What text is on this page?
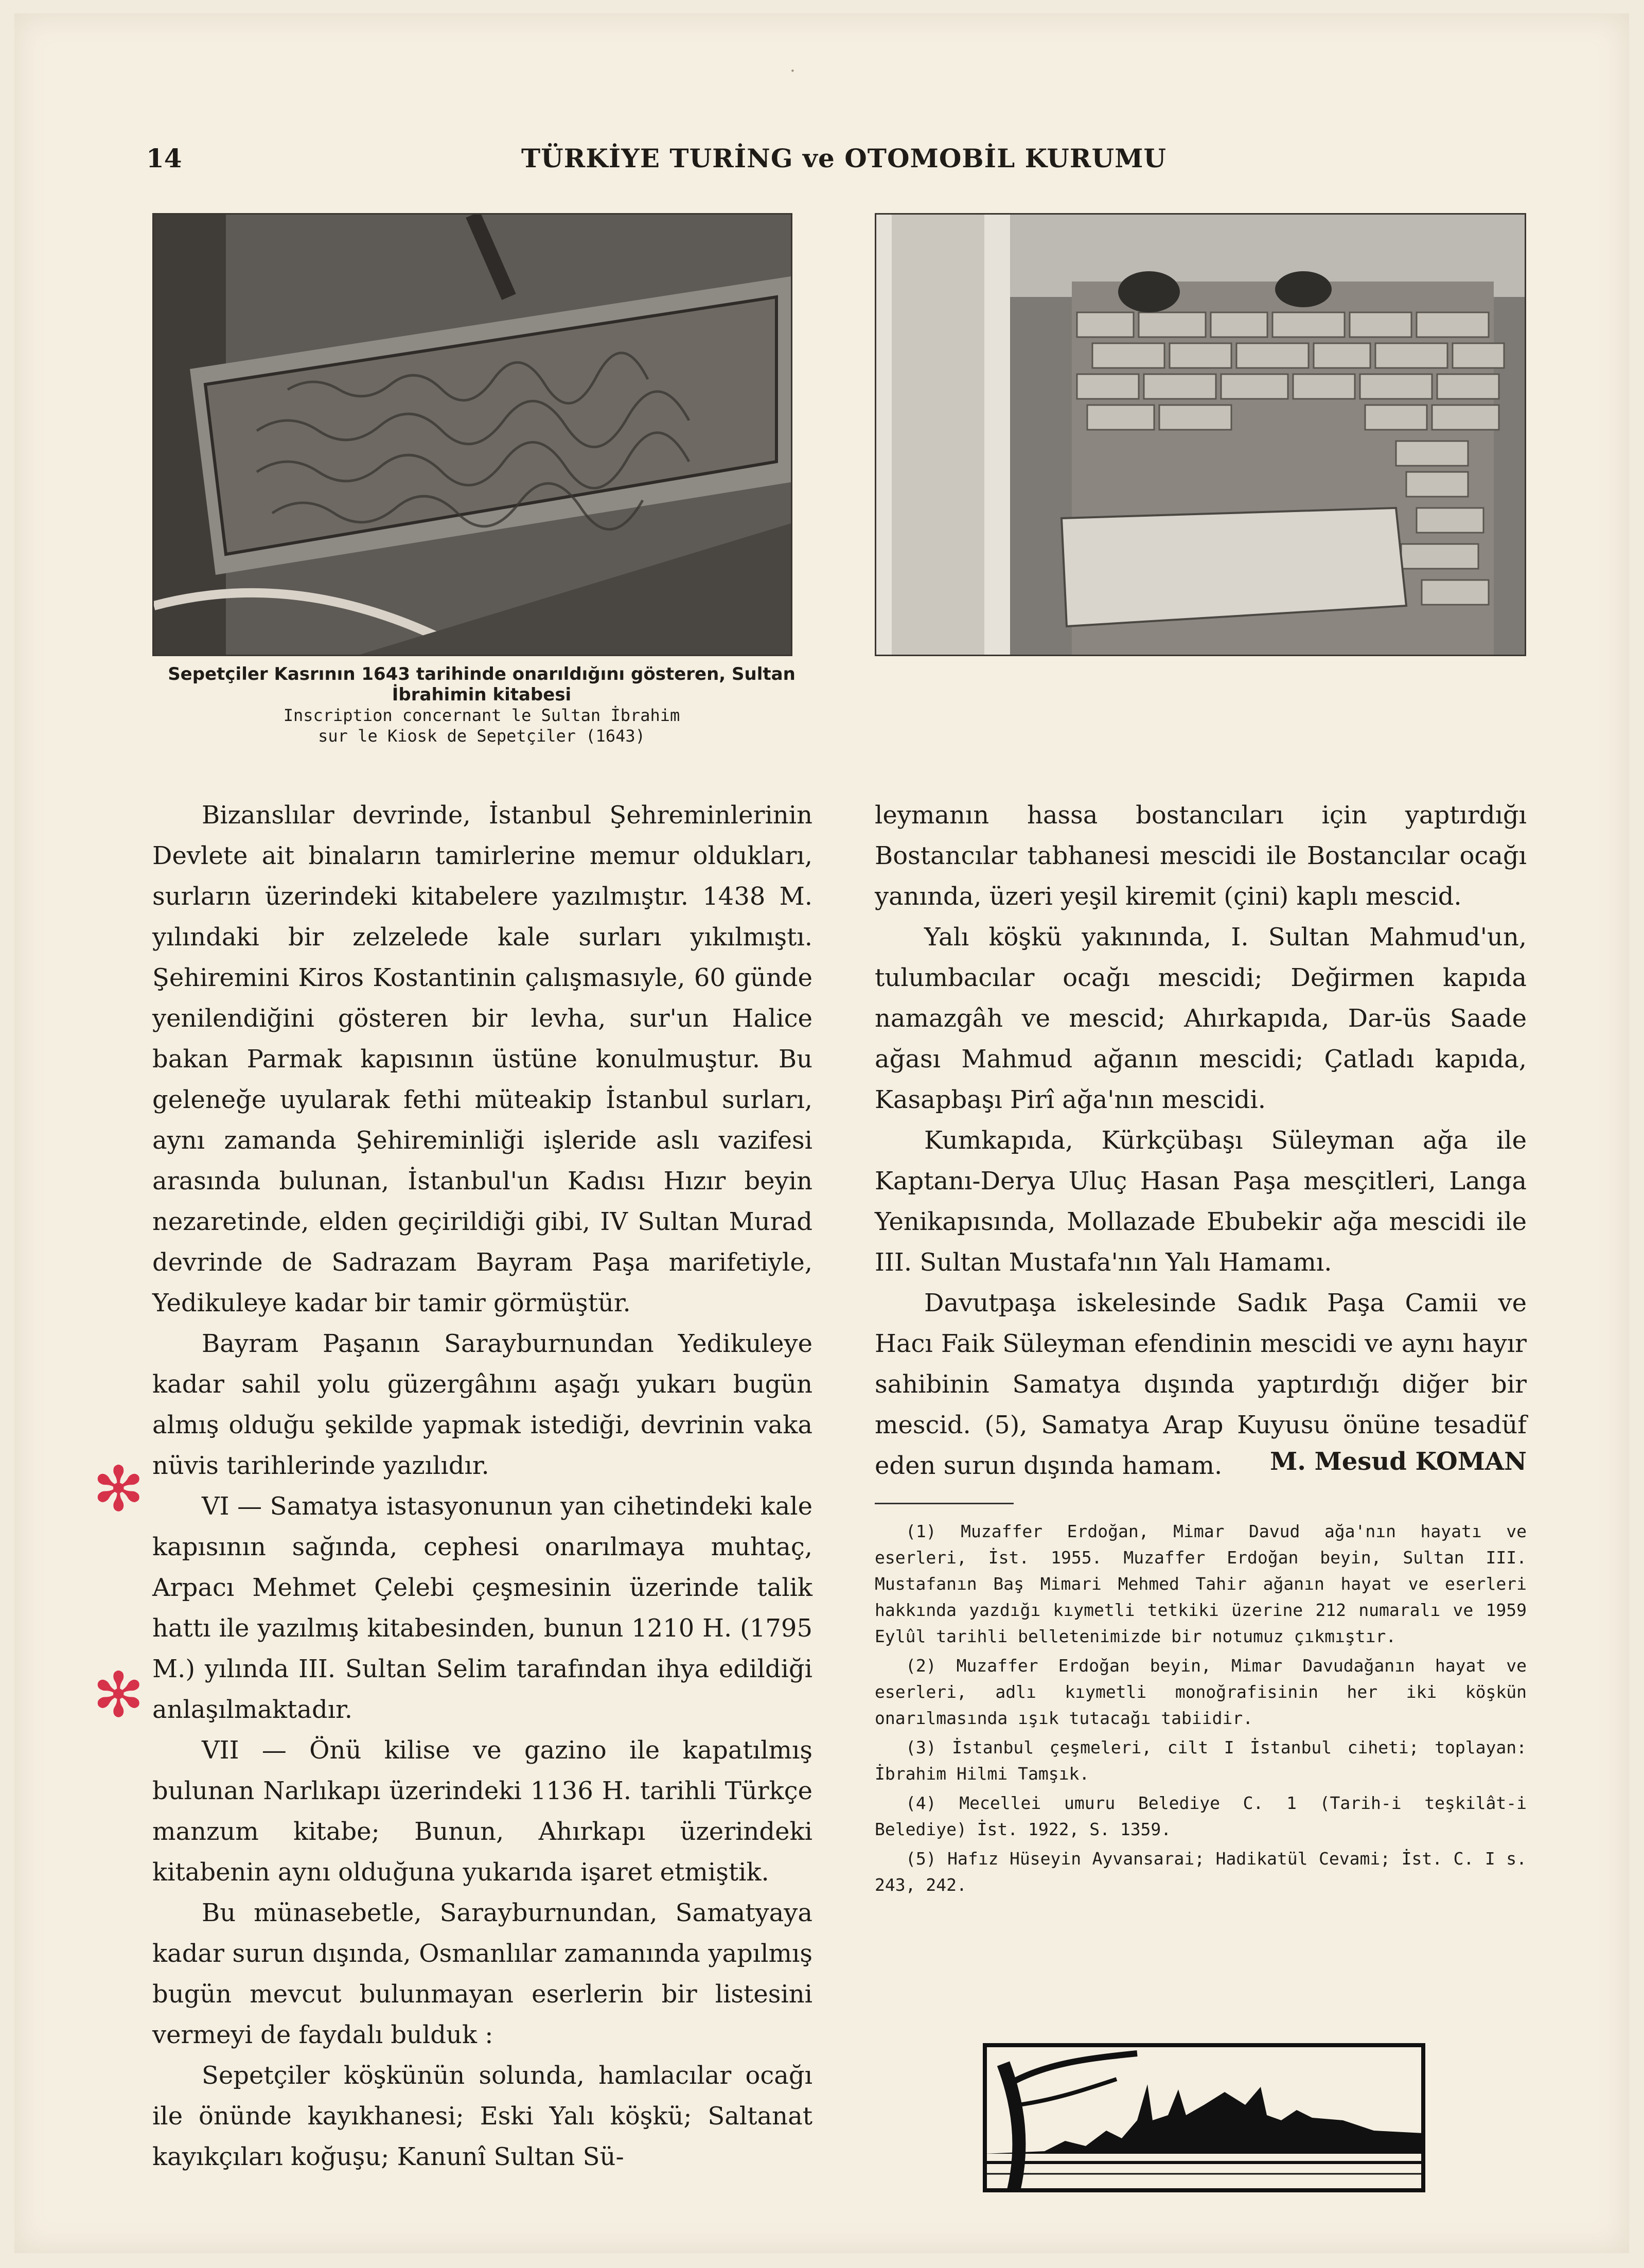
·
14	TÜRKİYE TURİNG ve OTOMOBİL KURUMU
Sepetçiler Kasrının 1643 tarihinde onarıldığını gösteren, Sultan İbrahimin kitabesi
Inscription concernant le Sultan İbrahim
sur le Kiosk de Sepetçiler (1643)

Bizanslılar devrinde, İstanbul Şehreminlerinin Devlete ait binaların tamirlerine memur oldukları, surların üzerindeki kitabelere yazılmıştır. 1438 M. yılındaki bir zelzelede kale surları yıkılmıştı. Şehiremini Kiros Kostantinin çalışmasıyle, 60 günde yenilendiğini gösteren bir levha, sur'un Halice bakan Parmak kapısının üstüne konulmuştur. Bu geleneğe uyularak fethi müteakip İstanbul surları, aynı zamanda Şehireminliği işleride aslı vazifesi arasında bulunan, İstanbul'un Kadısı Hızır beyin nezaretinde, elden geçirildiği gibi, IV Sultan Murad devrinde de Sadrazam Bayram Paşa marifetiyle, Yedikuleye kadar bir tamir görmüştür.

Bayram Paşanın Sarayburnundan Yedikuleye kadar sahil yolu güzergâhını aşağı yukarı bugün almış olduğu şekilde yapmak istediği, devrinin vaka nüvis tarihlerinde yazılıdır.

VI — Samatya istasyonunun yan cihetindeki kale kapısının sağında, cephesi onarılmaya muhtaç, Arpacı Mehmet Çelebi çeşmesinin üzerinde talik hattı ile yazılmış kitabesinden, bunun 1210 H. (1795 M.) yılında III. Sultan Selim tarafından ihya edildiği anlaşılmaktadır.

VII — Önü kilise ve gazino ile kapatılmış bulunan Narlıkapı üzerindeki 1136 H. tarihli Türkçe manzum kitabe; Bunun, Ahırkapı üzerindeki kitabenin aynı olduğuna yukarıda işaret etmiştik.

Bu münasebetle, Sarayburnundan, Samatyaya kadar surun dışında, Osmanlılar zamanında yapılmış bugün mevcut bulunmayan eserlerin bir listesini vermeyi de faydalı bulduk :

Sepetçiler köşkünün solunda, hamlacılar ocağı ile önünde kayıkhanesi; Eski Yalı köşkü; Saltanat kayıkçıları koğuşu; Kanunî Sultan Sü-

leymanın hassa bostancıları için yaptırdığı Bostancılar tabhanesi mescidi ile Bostancılar ocağı yanında, üzeri yeşil kiremit (çini) kaplı mescid.

Yalı köşkü yakınında, I. Sultan Mahmud'un, tulumbacılar ocağı mescidi; Değirmen kapıda namazgâh ve mescid; Ahırkapıda, Dar-üs Saade ağası Mahmud ağanın mescidi; Çatladı kapıda, Kasapbaşı Pirî ağa'nın mescidi.

Kumkapıda, Kürkçübaşı Süleyman ağa ile Kaptanı-Derya Uluç Hasan Paşa mesçitleri, Langa Yenikapısında, Mollazade Ebubekir ağa mescidi ile III. Sultan Mustafa'nın Yalı Hamamı.

Davutpaşa iskelesinde Sadık Paşa Camii ve Hacı Faik Süleyman efendinin mescidi ve aynı hayır sahibinin Samatya dışında yaptırdığı diğer bir mescid. (5), Samatya Arap Kuyusu önüne tesadüf eden surun dışında hamam.	M. Mesud KOMAN

(1) Muzaffer Erdoğan, Mimar Davud ağa'nın hayatı ve eserleri, İst. 1955. Muzaffer Erdoğan beyin, Sultan III. Mustafanın Baş Mimari Mehmed Tahir ağanın hayat ve eserleri hakkında yazdığı kıymetli tetkiki üzerine 212 numaralı ve 1959 Eylûl tarihli belletenimizde bir notumuz çıkmıştır.

(2) Muzaffer Erdoğan beyin, Mimar Davudağanın hayat ve eserleri, adlı kıymetli monoğrafisinin her iki köşkün onarılmasında ışık tutacağı tabiidir.

(3) İstanbul çeşmeleri, cilt I İstanbul ciheti; toplayan: İbrahim Hilmi Tamşık.

(4) Mecellei umuru Belediye C. 1 (Tarih-i teşkilât-i Belediye) İst. 1922, S. 1359.

(5) Hafız Hüseyin Ayvansarai; Hadikatül Cevami; İst. C. I s. 243, 242.

✻
✻
